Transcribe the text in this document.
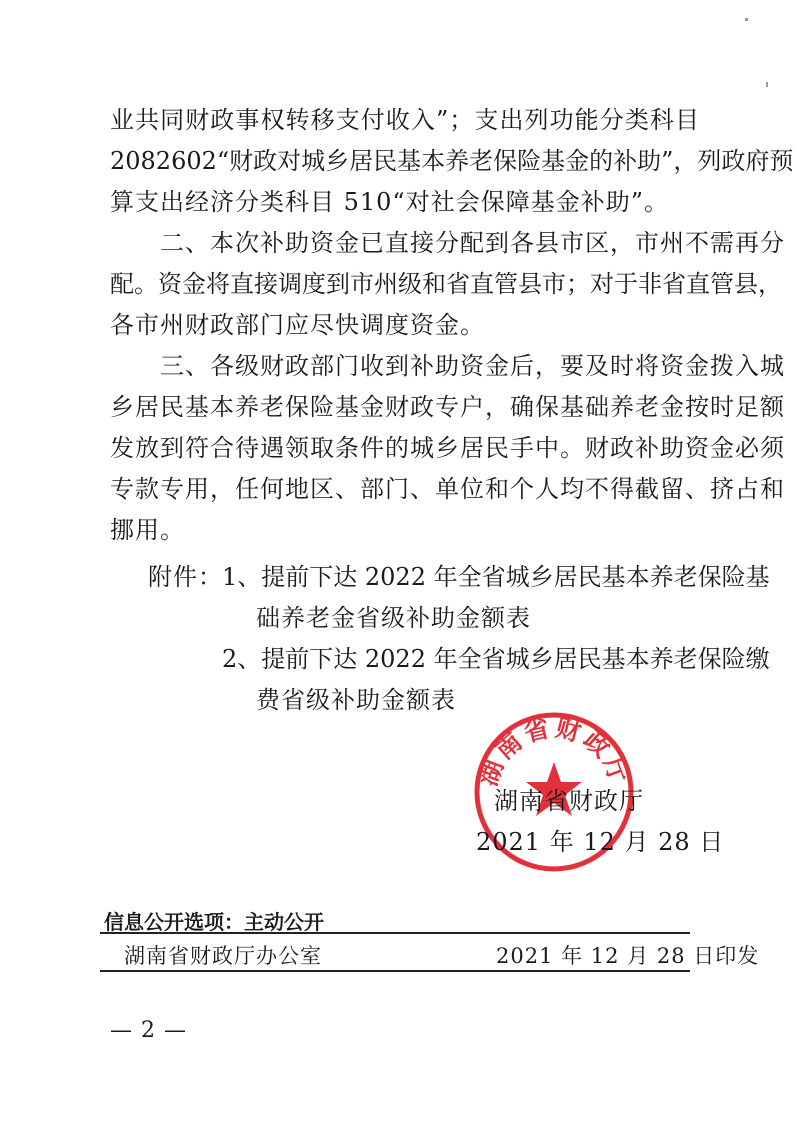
业共同财政事权转移支付收入”；支出列功能分类科目
2082602“财政对城乡居民基本养老保险基金的补助”，列政府预
算支出经济分类科目 510“对社会保障基金补助”。
二、本次补助资金已直接分配到各县市区，市州不需再分
配。资金将直接调度到市州级和省直管县市；对于非省直管县，
各市州财政部门应尽快调度资金。
三、各级财政部门收到补助资金后，要及时将资金拨入城
乡居民基本养老保险基金财政专户，确保基础养老金按时足额
发放到符合待遇领取条件的城乡居民手中。财政补助资金必须
专款专用，任何地区、部门、单位和个人均不得截留、挤占和
挪用。
附件： 1、提前下达 2022 年全省城乡居民基本养老保险基
础养老金省级补助金额表
2、提前下达 2022 年全省城乡居民基本养老保险缴
费省级补助金额表
湖南省财政厅
湖南省财政厅
2021 年 12 月 28 日
信息公开选项：主动公开
湖南省财政厅办公室	2021 年 12 月 28 日印发
— 2 —
